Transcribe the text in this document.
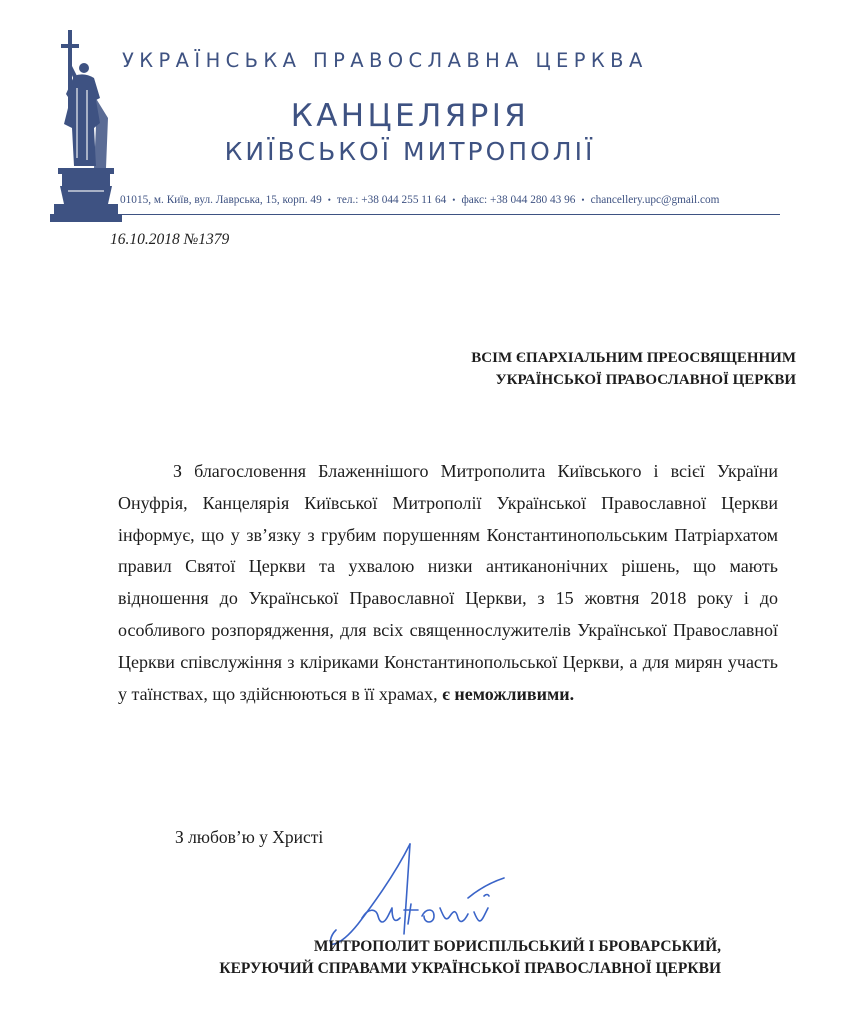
УКРАЇНСЬКА ПРАВОСЛАВНА ЦЕРКВА
КАНЦЕЛЯРІЯ
КИЇВСЬКОЇ МИТРОПОЛІЇ
01015, м. Київ, вул. Лаврська, 15, корп. 49 • тел.: +38 044 255 11 64 • факс: +38 044 280 43 96 • chancellery.upc@gmail.com
16.10.2018 №1379
ВСІМ ЄПАРХІАЛЬНИМ ПРЕОСВЯЩЕННИМ
УКРАЇНСЬКОЇ ПРАВОСЛАВНОЇ ЦЕРКВИ

З благословення Блаженнішого Митрополита Київського і всієї України Онуфрія, Канцелярія Київської Митрополії Української Православної Церкви інформує, що у зв’язку з грубим порушенням Константинопольським Патріархатом правил Святої Церкви та ухвалою низки антиканонічних рішень, що мають відношення до Української Православної Церкви, з 15 жовтня 2018 року і до особливого розпорядження, для всіх священнослужителів Української Православної Церкви співслужіння з кліриками Константинопольської Церкви, а для мирян участь у таїнствах, що здійснюються в її храмах, є неможливими.

З любов’ю у Христі
МИТРОПОЛИТ БОРИСПІЛЬСЬКИЙ І БРОВАРСЬКИЙ,
КЕРУЮЧИЙ СПРАВАМИ УКРАЇНСЬКОЇ ПРАВОСЛАВНОЇ ЦЕРКВИ
